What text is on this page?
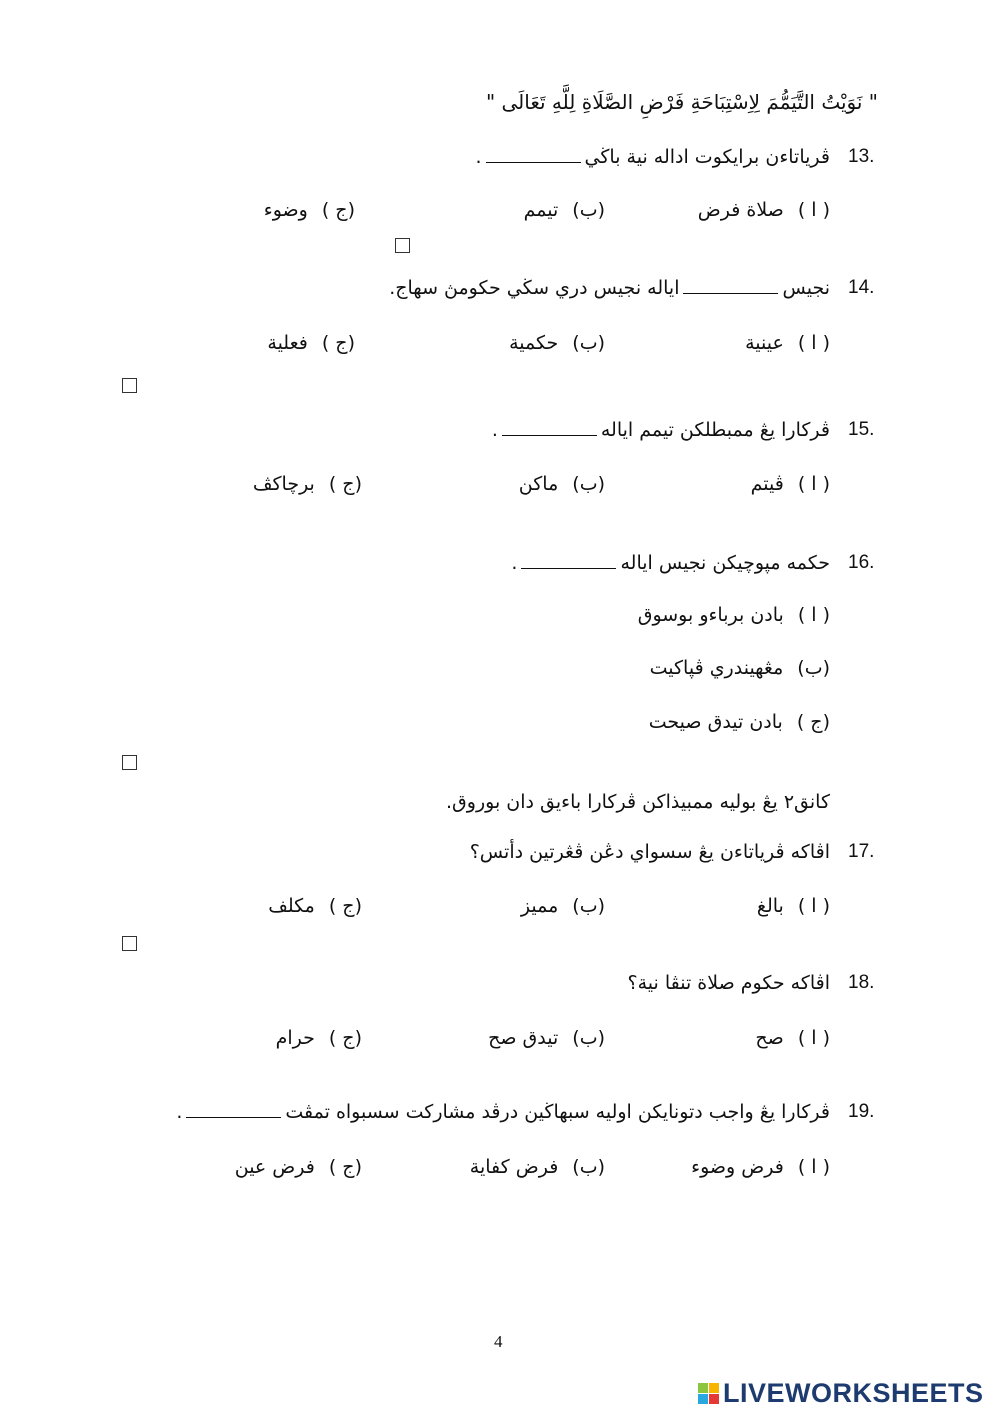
" نَوَيْتُ التَّيَمُّمَ لِاِسْتِبَاحَةِ فَرْضِ الصَّلَاةِ لِلَّهِ تَعَالَى "
13.
ڤرياتاءن برايكوت اداله نية باڬي.
( ا )صلاة فرض
(ب)تيمم
(ج )وضوء
14.
نجيساياله نجيس دري سڬي حکومڽ سهاج.
( ا )عينية
(ب)حکمية
(ج )فعلية
15.
ڤرکارا يڠ ممبطلکن تيمم اياله.
( ا )ڤيتم
(ب)ماکن
(ج )برچاکڤ
16.
حکمه مپوچيکن نجيس اياله.
( ا )بادن برباءو بوسوق
(ب)مڠهيندري ڤپاکيت
(ج )بادن تيدق صيحت
كانق٢ يڠ بوليه ممبيذاكن ڤركارا باءيق دان بوروق.
17.
اڤاکه ڤرياتاءن يڠ سسواي دڠن ڤڠرتين دأتس؟
( ا )بالغ
(ب)مميز
(ج )مکلف
18.
اڤاکه حکوم صلاة تنڤا نية؟
( ا )صح
(ب)تيدق صح
(ج )حرام
19.
ڤرکارا يڠ واجب دتونايکن اوليه سبهاڬين درڤد مشارکت سسبواه تمڤت.
( ا )فرض وضوء
(ب)فرض کفاية
(ج )فرض عين
4
LIVEWORKSHEETS
